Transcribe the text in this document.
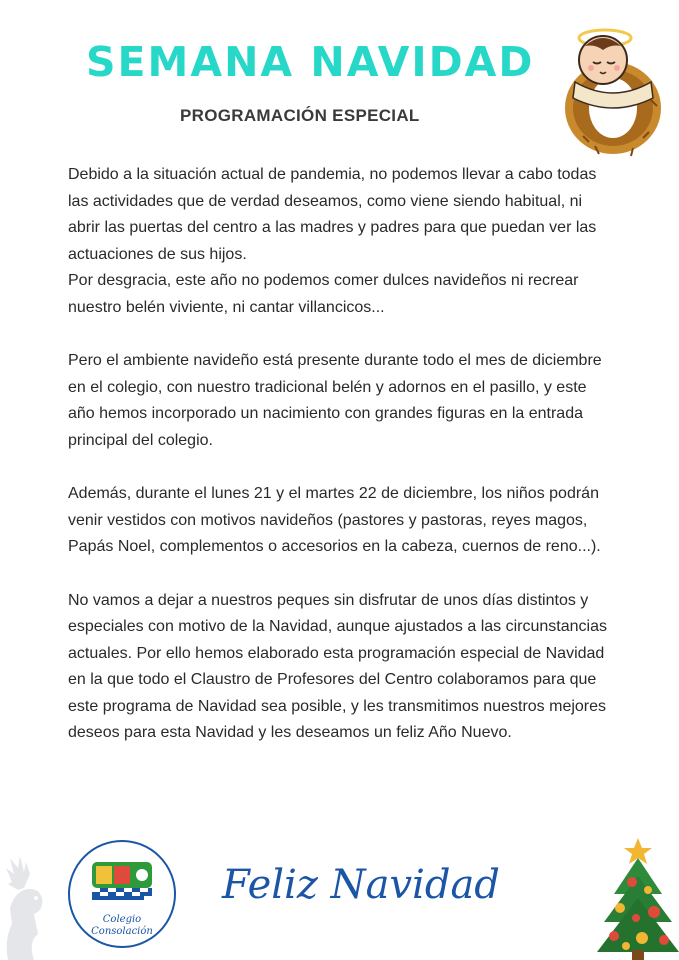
SEMANA NAVIDAD
PROGRAMACIÓN ESPECIAL

Debido a la situación actual de pandemia, no podemos llevar a cabo todas las actividades que de verdad deseamos, como viene siendo habitual, ni abrir las puertas del centro a las madres y padres para que puedan ver las actuaciones de sus hijos.

Por desgracia, este año no podemos comer dulces navideños ni recrear nuestro belén viviente, ni cantar villancicos...

Pero el ambiente navideño está presente durante todo el mes de diciembre en el colegio, con nuestro tradicional belén y adornos en el pasillo, y este año hemos incorporado un nacimiento con grandes figuras en la entrada principal del colegio.

Además, durante el lunes 21 y el martes 22 de diciembre, los niños podrán venir vestidos con motivos navideños (pastores y pastoras, reyes magos, Papás Noel, complementos o accesorios en la cabeza, cuernos de reno...).

No vamos a dejar a nuestros peques sin disfrutar de unos días distintos y especiales con motivo de la Navidad, aunque ajustados a las circunstancias actuales. Por ello hemos elaborado esta programación especial de Navidad en la que todo el Claustro de Profesores del Centro colaboramos para que este programa de Navidad sea posible, y les transmitimos nuestros mejores deseos para esta Navidad y les deseamos un feliz Año Nuevo.

Colegio
Consolación
Feliz Navidad
